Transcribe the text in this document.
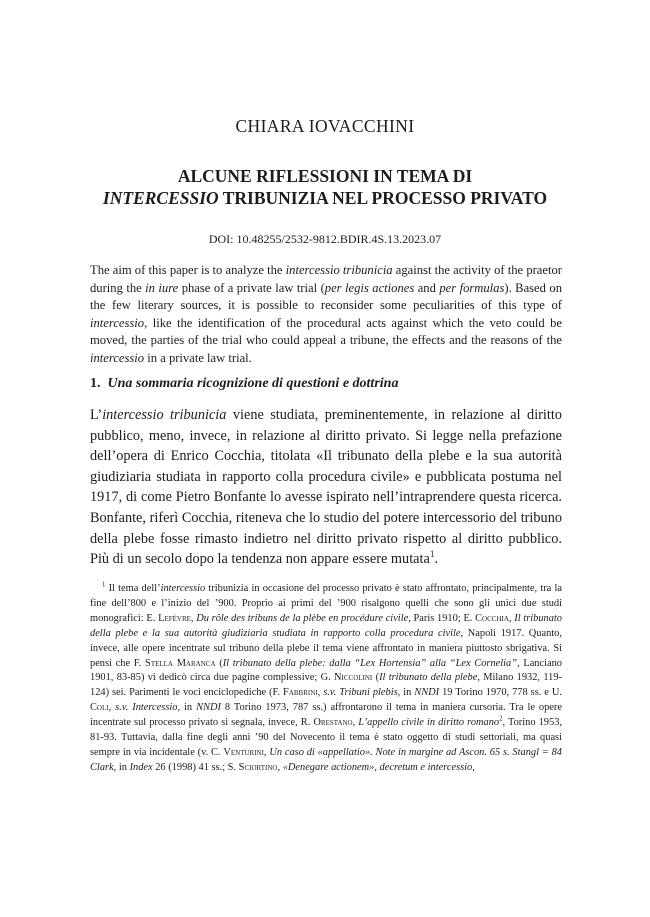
CHIARA IOVACCHINI
ALCUNE RIFLESSIONI IN TEMA DI
INTERCESSIO TRIBUNIZIA NEL PROCESSO PRIVATO
DOI: 10.48255/2532-9812.BDIR.4S.13.2023.07

The aim of this paper is to analyze the intercessio tribunicia against the activity of the praetor during the in iure phase of a private law trial (per legis actiones and per formulas). Based on the few literary sources, it is possible to reconsider some peculiarities of this type of intercessio, like the identification of the procedural acts against which the veto could be moved, the parties of the trial who could appeal a tribune, the effects and the reasons of the intercessio in a private law trial.

1. Una sommaria ricognizione di questioni e dottrina

L’intercessio tribunicia viene studiata, preminentemente, in relazione al diritto pubblico, meno, invece, in relazione al diritto privato. Si legge nella prefazione dell’opera di Enrico Cocchia, titolata «Il tribunato della plebe e la sua autorità giudiziaria studiata in rapporto colla procedura civile» e pubblicata postuma nel 1917, di come Pietro Bonfante lo avesse ispirato nell’intraprendere questa ricerca. Bonfante, riferì Cocchia, riteneva che lo studio del potere intercessorio del tribuno della plebe fosse rimasto indietro nel diritto privato rispetto al diritto pubblico. Più di un secolo dopo la tendenza non appare essere mutata$^1$.

$^1$ Il tema dell’intercessio tribunizia in occasione del processo privato è stato affrontato, principalmente, tra la fine dell’800 e l’inizio del ’900. Proprio ai primi del ’900 risalgono quelli che sono gli unici due studi monografici: E. Lefèvre, Du rôle des tribuns de la plèbe en procédure civile, Paris 1910; E. Cocchia, Il tribunato della plebe e la sua autorità giudiziaria studiata in rapporto colla procedura civile, Napoli 1917. Quanto, invece, alle opere incentrate sul tribuno della plebe il tema viene affrontato in maniera piuttosto sbrigativa. Si pensi che F. Stella Maranca (Il tribunato della plebe: dalla “Lex Hortensia” alla “Lex Cornelia”, Lanciano 1901, 83-85) vi dedicò circa due pagine complessive; G. Niccolini (Il tribunato della plebe, Milano 1932, 119-124) sei. Parimenti le voci enciclopediche (F. Fabbrini, s.v. Tribuni plebis, in NNDI 19 Torino 1970, 778 ss. e U. Coli, s.v. Intercessio, in NNDI 8 Torino 1973, 787 ss.) affrontarono il tema in maniera cursoria. Tra le opere incentrate sul processo privato si segnala, invece, R. Orestano, L’appello civile in diritto romano$^2$, Torino 1953, 81-93. Tuttavia, dalla fine degli anni ’90 del Novecento il tema è stato oggetto di studi settoriali, ma quasi sempre in via incidentale (v. C. Venturini, Un caso di «appellatio». Note in margine ad Ascon. 65 s. Stangl = 84 Clark, in Index 26 (1998) 41 ss.; S. Sciortino, «Denegare actionem», decretum e intercessio,
